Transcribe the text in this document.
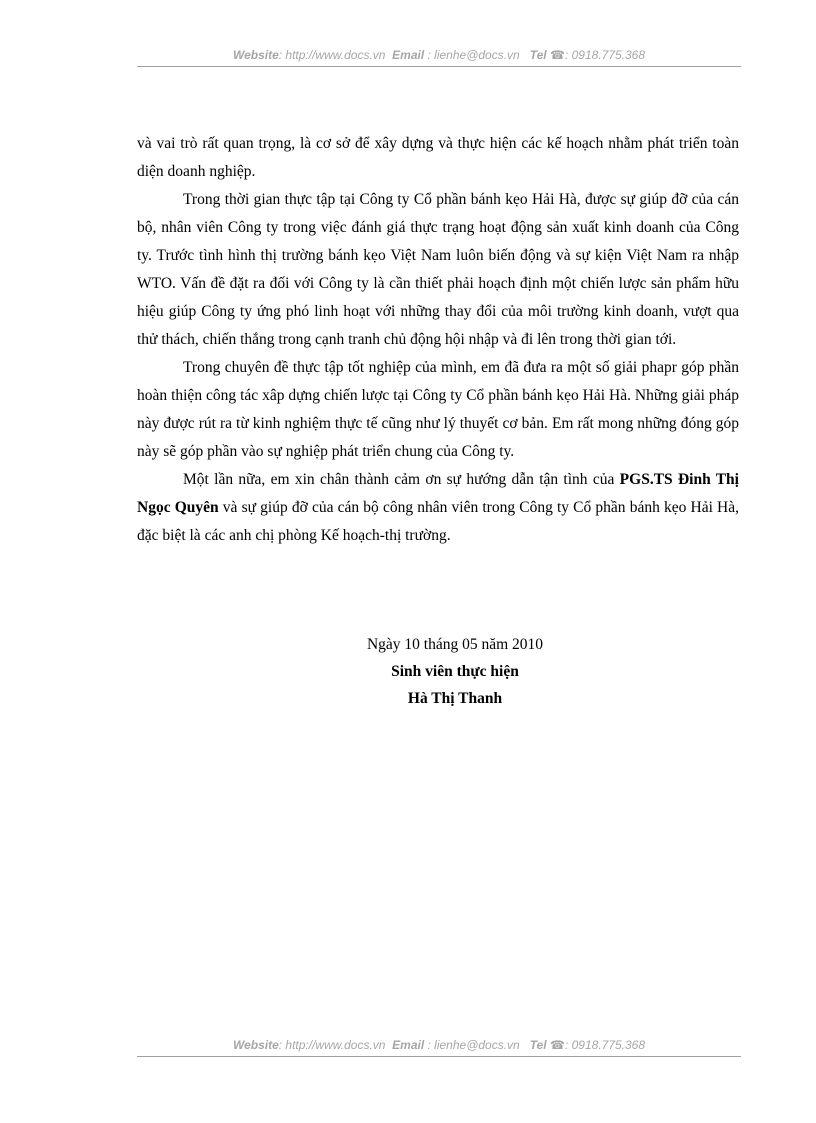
Website: http://www.docs.vn Email : lienhe@docs.vn Tel ☎: 0918.775.368

và vai trò rất quan trọng, là cơ sở để xây dựng và thực hiện các kế hoạch nhằm phát triển toàn diện doanh nghiệp.

Trong thời gian thực tập tại Công ty Cổ phần bánh kẹo Hải Hà, được sự giúp đỡ của cán bộ, nhân viên Công ty trong việc đánh giá thực trạng hoạt động sản xuất kinh doanh của Công ty. Trước tình hình thị trường bánh kẹo Việt Nam luôn biến động và sự kiện Việt Nam ra nhập WTO. Vấn đề đặt ra đối với Công ty là cần thiết phải hoạch định một chiến lược sản phẩm hữu hiệu giúp Công ty ứng phó linh hoạt với những thay đổi của môi trường kinh doanh, vượt qua thử thách, chiến thắng trong cạnh tranh chủ động hội nhập và đi lên trong thời gian tới.

Trong chuyên đề thực tập tốt nghiệp của mình, em đã đưa ra một số giải phapr góp phần hoàn thiện công tác xâp dựng chiến lược tại Công ty Cổ phần bánh kẹo Hải Hà. Những giải pháp này được rút ra từ kinh nghiệm thực tế cũng như lý thuyết cơ bản. Em rất mong những đóng góp này sẽ góp phần vào sự nghiệp phát triển chung của Công ty.

Một lần nữa, em xin chân thành cảm ơn sự hướng dẫn tận tình của PGS.TS Đinh Thị Ngọc Quyên và sự giúp đỡ của cán bộ công nhân viên trong Công ty Cổ phần bánh kẹo Hải Hà, đặc biệt là các anh chị phòng Kế hoạch-thị trường.

Ngày 10 tháng 05 năm 2010
Sinh viên thực hiện
Hà Thị Thanh
Website: http://www.docs.vn Email : lienhe@docs.vn Tel ☎: 0918.775.368
